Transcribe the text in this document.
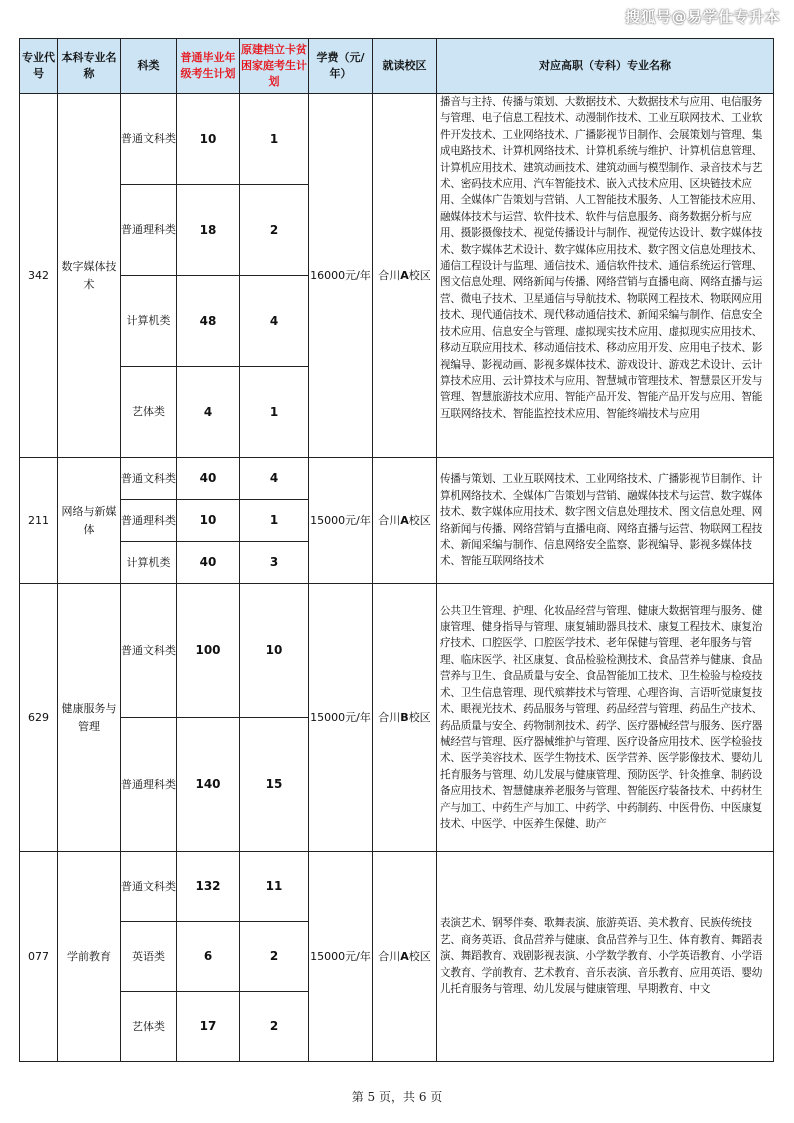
搜狐号@易学仕专升本
专业代号	本科专业名称	科类	普通毕业年级考生计划	原建档立卡贫困家庭考生计划	学费（元/年）	就读校区	对应高职（专科）专业名称
342	数字媒体技术	普通文科类	10	1	16000元/年	合川A校区	播音与主持、传播与策划、大数据技术、大数据技术与应用、电信服务与管理、电子信息工程技术、动漫制作技术、工业互联网技术、工业软件开发技术、工业网络技术、广播影视节目制作、会展策划与管理、集成电路技术、计算机网络技术、计算机系统与维护、计算机信息管理、计算机应用技术、建筑动画技术、建筑动画与模型制作、录音技术与艺术、密码技术应用、汽车智能技术、嵌入式技术应用、区块链技术应用、全媒体广告策划与营销、人工智能技术服务、人工智能技术应用、融媒体技术与运营、软件技术、软件与信息服务、商务数据分析与应用、摄影摄像技术、视觉传播设计与制作、视觉传达设计、数字媒体技术、数字媒体艺术设计、数字媒体应用技术、数字图文信息处理技术、通信工程设计与监理、通信技术、通信软件技术、通信系统运行管理、图文信息处理、网络新闻与传播、网络营销与直播电商、网络直播与运营、微电子技术、卫星通信与导航技术、物联网工程技术、物联网应用技术、现代通信技术、现代移动通信技术、新闻采编与制作、信息安全技术应用、信息安全与管理、虚拟现实技术应用、虚拟现实应用技术、移动互联应用技术、移动通信技术、移动应用开发、应用电子技术、影视编导、影视动画、影视多媒体技术、游戏设计、游戏艺术设计、云计算技术应用、云计算技术与应用、智慧城市管理技术、智慧景区开发与管理、智慧旅游技术应用、智能产品开发、智能产品开发与应用、智能互联网络技术、智能监控技术应用、智能终端技术与应用
		普通理科类	18	2			
		计算机类	48	4			
		艺体类	4	1			
211	网络与新媒体	普通文科类	40	4	15000元/年	合川A校区	传播与策划、工业互联网技术、工业网络技术、广播影视节目制作、计算机网络技术、全媒体广告策划与营销、融媒体技术与运营、数字媒体技术、数字媒体应用技术、数字图文信息处理技术、图文信息处理、网络新闻与传播、网络营销与直播电商、网络直播与运营、物联网工程技术、新闻采编与制作、信息网络安全监察、影视编导、影视多媒体技术、智能互联网络技术
		普通理科类	10	1			
		计算机类	40	3			
629	健康服务与管理	普通文科类	100	10	15000元/年	合川B校区	公共卫生管理、护理、化妆品经营与管理、健康大数据管理与服务、健康管理、健身指导与管理、康复辅助器具技术、康复工程技术、康复治疗技术、口腔医学、口腔医学技术、老年保健与管理、老年服务与管理、临床医学、社区康复、食品检验检测技术、食品营养与健康、食品营养与卫生、食品质量与安全、食品智能加工技术、卫生检验与检疫技术、卫生信息管理、现代殡葬技术与管理、心理咨询、言语听觉康复技术、眼视光技术、药品服务与管理、药品经营与管理、药品生产技术、药品质量与安全、药物制剂技术、药学、医疗器械经营与服务、医疗器械经营与管理、医疗器械维护与管理、医疗设备应用技术、医学检验技术、医学美容技术、医学生物技术、医学营养、医学影像技术、婴幼儿托育服务与管理、幼儿发展与健康管理、预防医学、针灸推拿、制药设备应用技术、智慧健康养老服务与管理、智能医疗装备技术、中药材生产与加工、中药生产与加工、中药学、中药制药、中医骨伤、中医康复技术、中医学、中医养生保健、助产
		普通理科类	140	15			
077	学前教育	普通文科类	132	11	15000元/年	合川A校区	表演艺术、钢琴伴奏、歌舞表演、旅游英语、美术教育、民族传统技艺、商务英语、食品营养与健康、食品营养与卫生、体育教育、舞蹈表演、舞蹈教育、戏剧影视表演、小学数学教育、小学英语教育、小学语文教育、学前教育、艺术教育、音乐表演、音乐教育、应用英语、婴幼儿托育服务与管理、幼儿发展与健康管理、早期教育、中文
		英语类	6	2			
		艺体类	17	2			
第 5 页，共 6 页
